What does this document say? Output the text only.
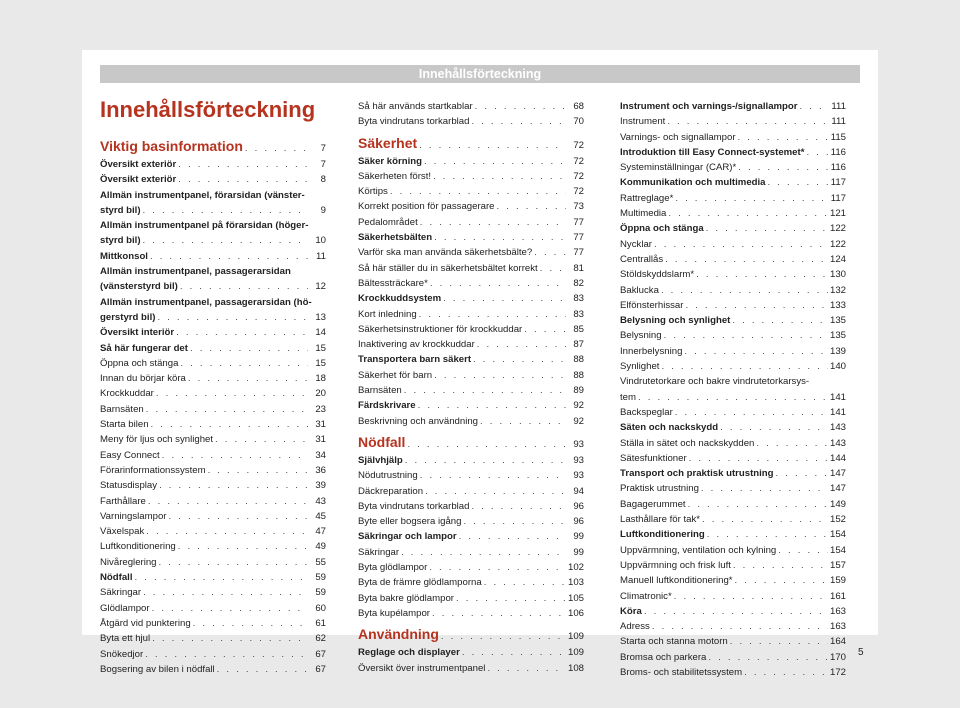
Innehållsförteckning
Innehållsförteckning
Viktig basinformation . . .	7
Översikt exteriör . . .	7
Översikt exteriör . . .	8
Allmän instrumentpanel, förarsidan (vänster-
styrd bil) . . .	9
Allmän instrumentpanel på förarsidan (höger-
styrd bil) . . .	10
Mittkonsol . . .	11
Allmän instrumentpanel, passagerarsidan
(vänsterstyrd bil) . . .	12
Allmän instrumentpanel, passagerarsidan (hö-
gerstyrd bil) . . .	13
Översikt interiör . . .	14
Så här fungerar det . . .	15
Öppna och stänga . . .	15
Innan du börjar köra . . .	18
Krockkuddar . . .	20
Barnsäten . . .	23
Starta bilen . . .	31
Meny för ljus och synlighet . . .	31
Easy Connect . . .	34
Förarinformationssystem . . .	36
Statusdisplay . . .	39
Farthållare . . .	43
Varningslampor . . .	45
Växelspak . . .	47
Luftkonditionering . . .	49
Nivåreglering . . .	55
Nödfall . . .	59
Säkringar . . .	59
Glödlampor . . .	60
Åtgärd vid punktering . . .	61
Byta ett hjul . . .	62
Snökedjor . . .	67
Bogsering av bilen i nödfall . . .	67
Så här används startkablar . . .	68
Byta vindrutans torkarblad . . .	70
Säkerhet . . .	72
Säker körning . . .	72
Säkerheten först! . . .	72
Körtips . . .	72
Korrekt position för passagerare . . .	73
Pedalområdet . . .	77
Säkerhetsbälten . . .	77
Varför ska man använda säkerhetsbälte? . . .	77
Så här ställer du in säkerhetsbältet korrekt . . .	81
Bältessträckare* . . .	82
Krockkuddsystem . . .	83
Kort inledning . . .	83
Säkerhetsinstruktioner för krockkuddar . . .	85
Inaktivering av krockkuddar . . .	87
Transportera barn säkert . . .	88
Säkerhet för barn . . .	88
Barnsäten . . .	89
Färdskrivare . . .	92
Beskrivning och användning . . .	92
Nödfall . . .	93
Självhjälp . . .	93
Nödutrustning . . .	93
Däckreparation . . .	94
Byta vindrutans torkarblad . . .	96
Byte eller bogsera igång . . .	96
Säkringar och lampor . . .	99
Säkringar . . .	99
Byta glödlampor . . .	102
Byta de främre glödlamporna . . .	103
Byta bakre glödlampor . . .	105
Byta kupélampor . . .	106
Användning . . .	109
Reglage och displayer . . .	109
Översikt över instrumentpanel . . .	108
Instrument och varnings-/signallampor . . .	111
Instrument . . .	111
Varnings- och signallampor . . .	115
Introduktion till Easy Connect-systemet* . . .	116
Systeminställningar (CAR)* . . .	116
Kommunikation och multimedia . . .	117
Rattreglage* . . .	117
Multimedia . . .	121
Öppna och stänga . . .	122
Nycklar . . .	122
Centrallås . . .	124
Stöldskyddslarm* . . .	130
Baklucka . . .	132
Elfönsterhissar . . .	133
Belysning och synlighet . . .	135
Belysning . . .	135
Innerbelysning . . .	139
Synlighet . . .	140
Vindrutetorkare och bakre vindrutetorkarsys-
tem . . .	141
Backspeglar . . .	141
Säten och nackskydd . . .	143
Ställa in sätet och nackskydden . . .	143
Sätesfunktioner . . .	144
Transport och praktisk utrustning . . .	147
Praktisk utrustning . . .	147
Bagagerummet . . .	149
Lasthållare för tak* . . .	152
Luftkonditionering . . .	154
Uppvärmning, ventilation och kylning . . .	154
Uppvärmning och frisk luft . . .	157
Manuell luftkonditionering* . . .	159
Climatronic* . . .	161
Köra . . .	163
Adress . . .	163
Starta och stanna motorn . . .	164
Bromsa och parkera . . .	170
Broms- och stabilitetssystem . . .	172
5
